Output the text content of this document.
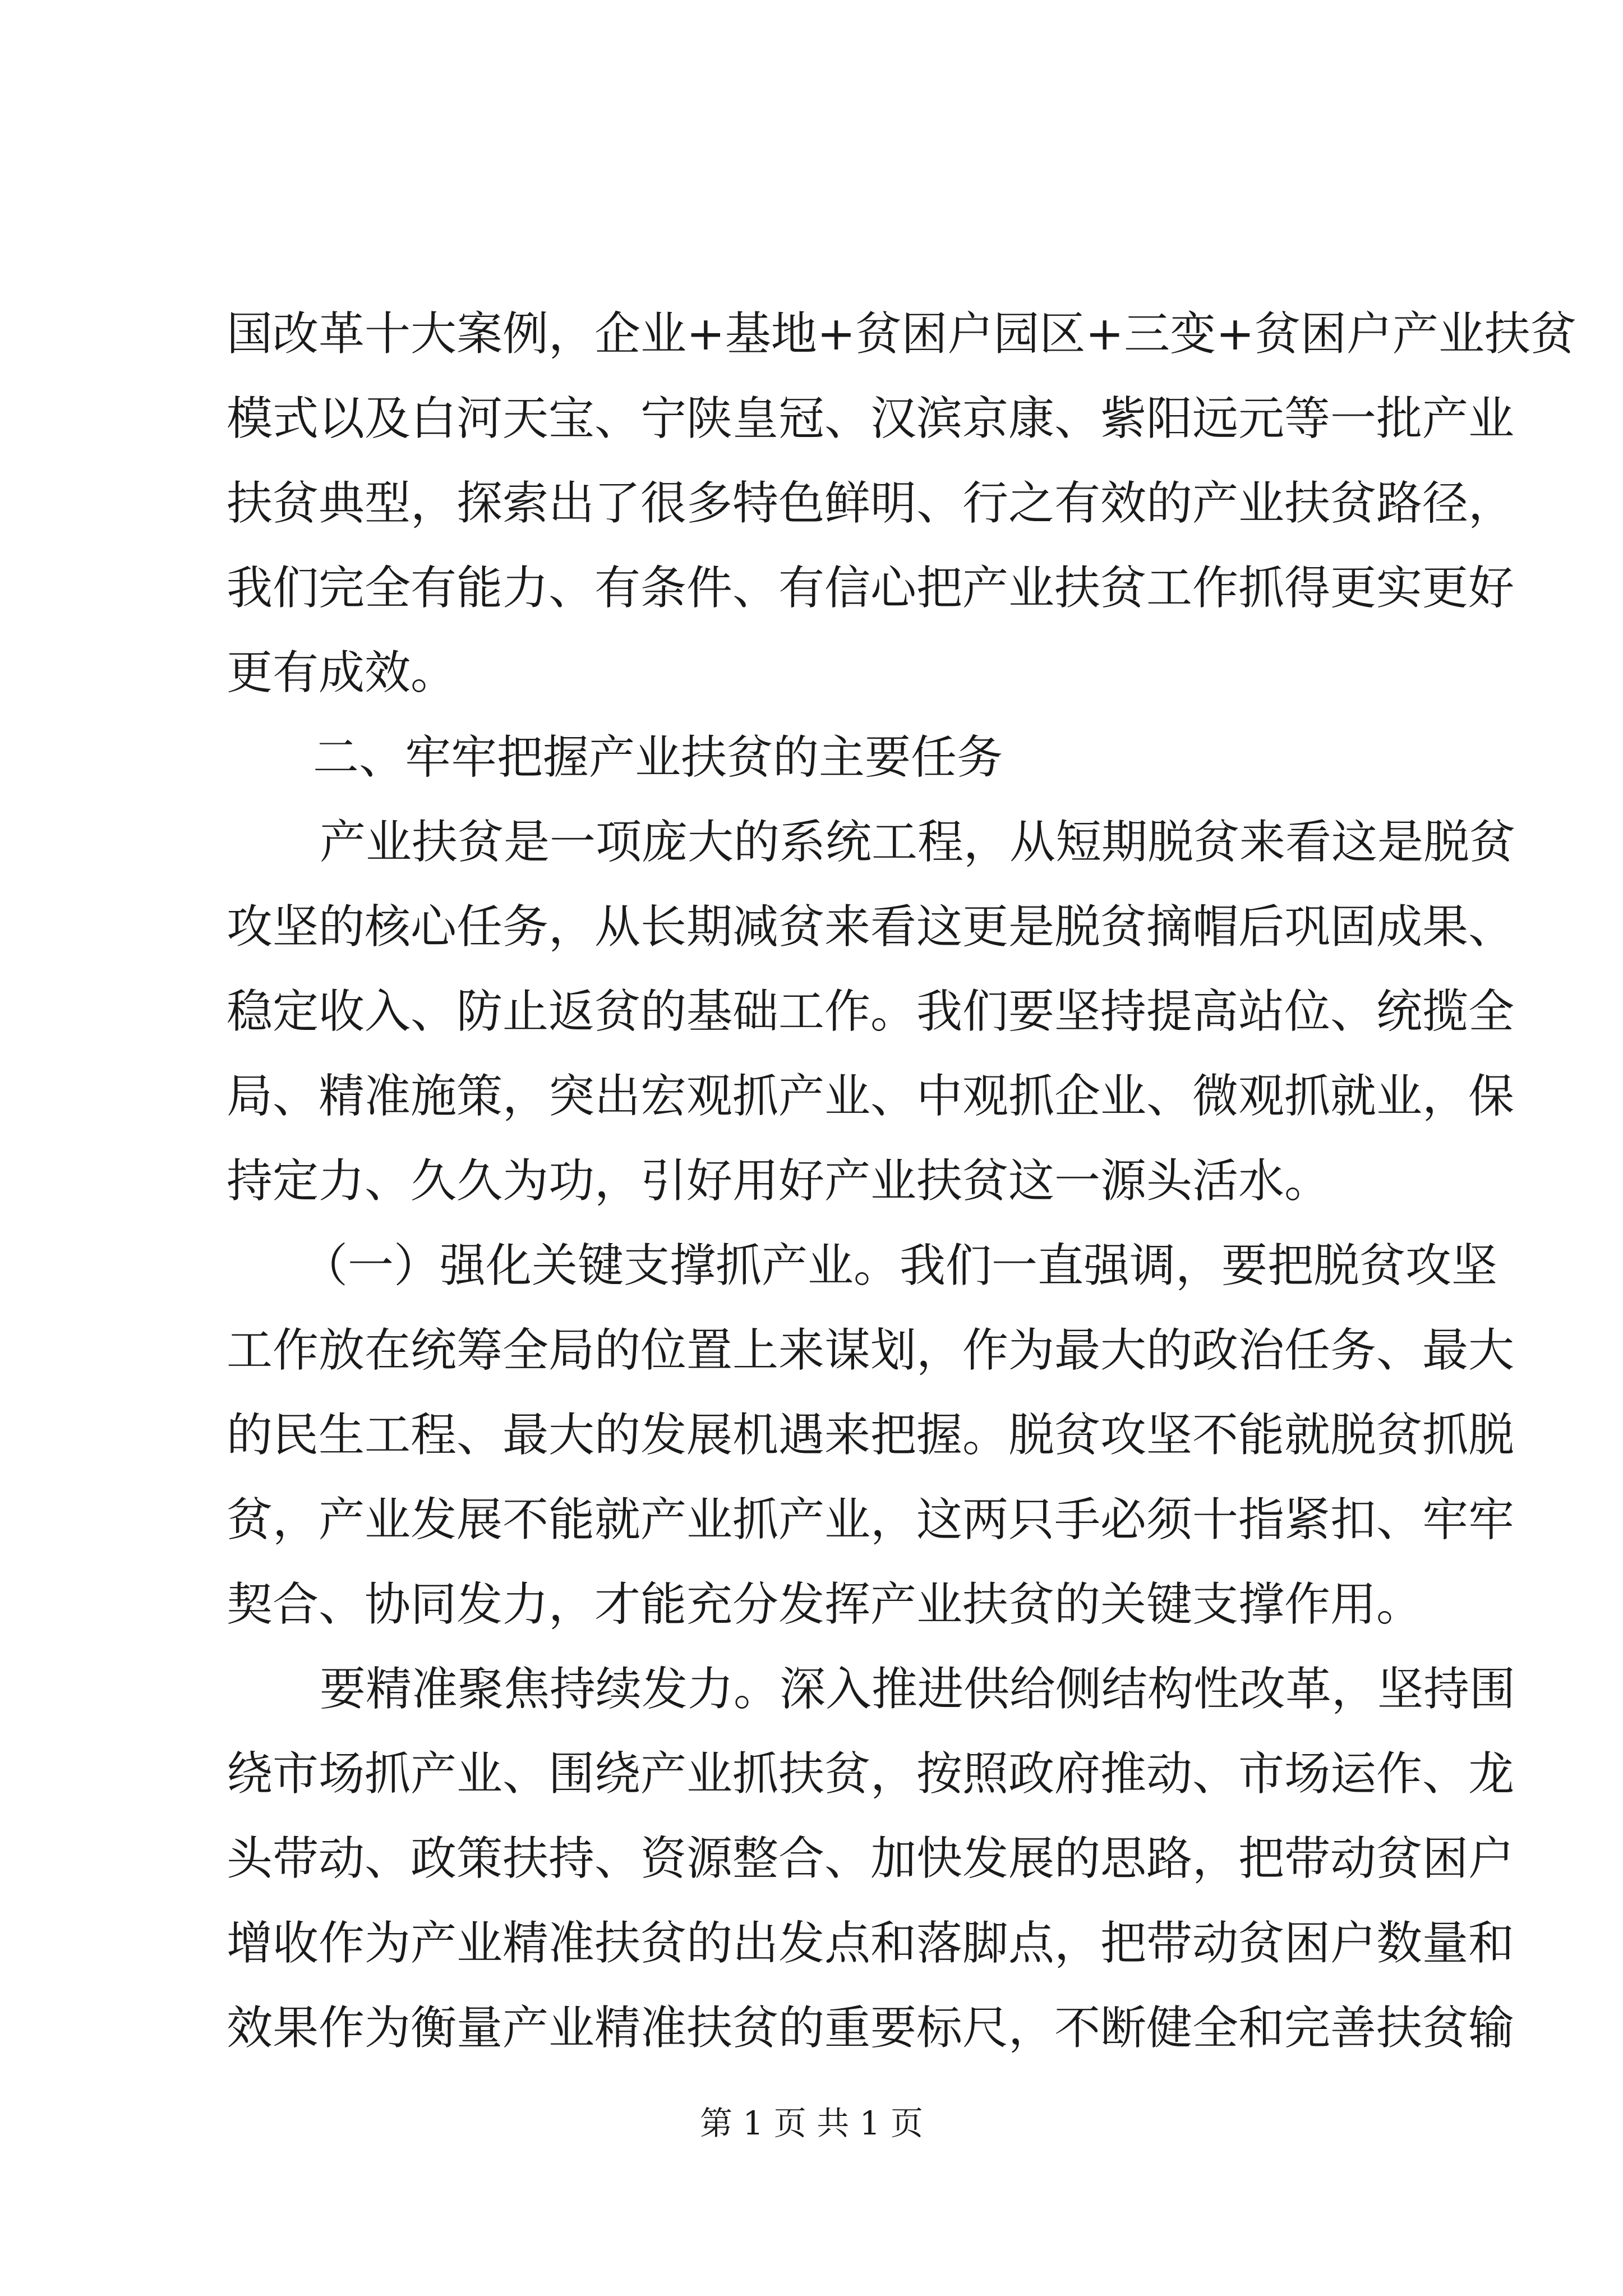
国改革十大案例，企业+基地+贫困户园区+三变+贫困户产业扶贫
模式以及白河天宝、宁陕皇冠、汉滨京康、紫阳远元等一批产业
扶贫典型，探索出了很多特色鲜明、行之有效的产业扶贫路径，
我们完全有能力、有条件、有信心把产业扶贫工作抓得更实更好
更有成效。
二、牢牢把握产业扶贫的主要任务
产业扶贫是一项庞大的系统工程，从短期脱贫来看这是脱贫
攻坚的核心任务，从长期减贫来看这更是脱贫摘帽后巩固成果、
稳定收入、防止返贫的基础工作。我们要坚持提高站位、统揽全
局、精准施策，突出宏观抓产业、中观抓企业、微观抓就业，保
持定力、久久为功，引好用好产业扶贫这一源头活水。
（一）强化关键支撑抓产业。我们一直强调，要把脱贫攻坚
工作放在统筹全局的位置上来谋划，作为最大的政治任务、最大
的民生工程、最大的发展机遇来把握。脱贫攻坚不能就脱贫抓脱
贫，产业发展不能就产业抓产业，这两只手必须十指紧扣、牢牢
契合、协同发力，才能充分发挥产业扶贫的关键支撑作用。
要精准聚焦持续发力。深入推进供给侧结构性改革，坚持围
绕市场抓产业、围绕产业抓扶贫，按照政府推动、市场运作、龙
头带动、政策扶持、资源整合、加快发展的思路，把带动贫困户
增收作为产业精准扶贫的出发点和落脚点，把带动贫困户数量和
效果作为衡量产业精准扶贫的重要标尺，不断健全和完善扶贫输
第 1 页 共 1 页
